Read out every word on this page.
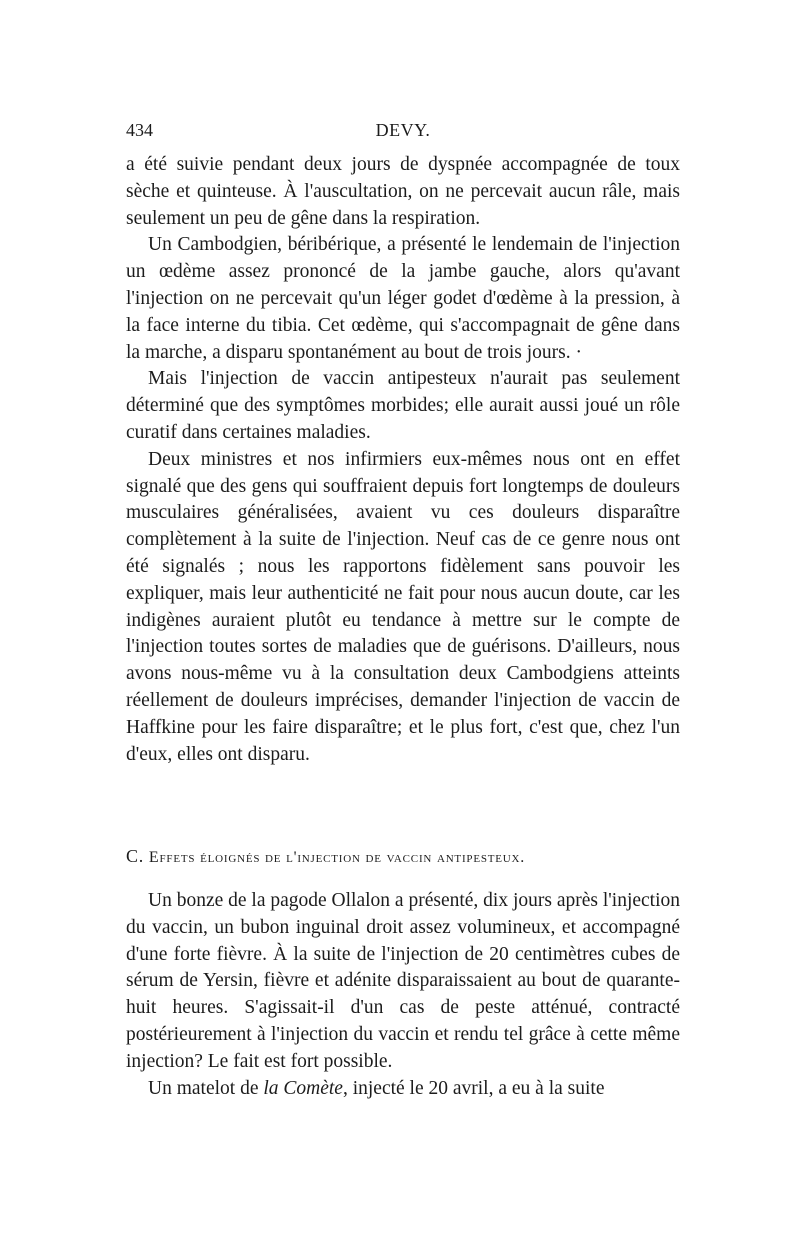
434	DEVY.

a été suivie pendant deux jours de dyspnée accompagnée de toux sèche et quinteuse. À l'auscultation, on ne percevait aucun râle, mais seulement un peu de gêne dans la respiration.

Un Cambodgien, béribérique, a présenté le lendemain de l'injection un œdème assez prononcé de la jambe gauche, alors qu'avant l'injection on ne percevait qu'un léger godet d'œdème à la pression, à la face interne du tibia. Cet œdème, qui s'accompagnait de gêne dans la marche, a disparu spontanément au bout de trois jours. ·

Mais l'injection de vaccin antipesteux n'aurait pas seulement déterminé que des symptômes morbides; elle aurait aussi joué un rôle curatif dans certaines maladies.

Deux ministres et nos infirmiers eux-mêmes nous ont en effet signalé que des gens qui souffraient depuis fort longtemps de douleurs musculaires généralisées, avaient vu ces douleurs disparaître complètement à la suite de l'injection. Neuf cas de ce genre nous ont été signalés ; nous les rapportons fidèlement sans pouvoir les expliquer, mais leur authenticité ne fait pour nous aucun doute, car les indigènes auraient plutôt eu tendance à mettre sur le compte de l'injection toutes sortes de maladies que de guérisons. D'ailleurs, nous avons nous-même vu à la consultation deux Cambodgiens atteints réellement de douleurs imprécises, demander l'injection de vaccin de Haffkine pour les faire disparaître; et le plus fort, c'est que, chez l'un d'eux, elles ont disparu.

C. Effets éloignés de l'injection de vaccin antipesteux.

Un bonze de la pagode Ollalon a présenté, dix jours après l'injection du vaccin, un bubon inguinal droit assez volumineux, et accompagné d'une forte fièvre. À la suite de l'injection de 20 centimètres cubes de sérum de Yersin, fièvre et adénite disparaissaient au bout de quarante-huit heures. S'agissait-il d'un cas de peste atténué, contracté postérieurement à l'injection du vaccin et rendu tel grâce à cette même injection? Le fait est fort possible.

Un matelot de la Comète, injecté le 20 avril, a eu à la suite
